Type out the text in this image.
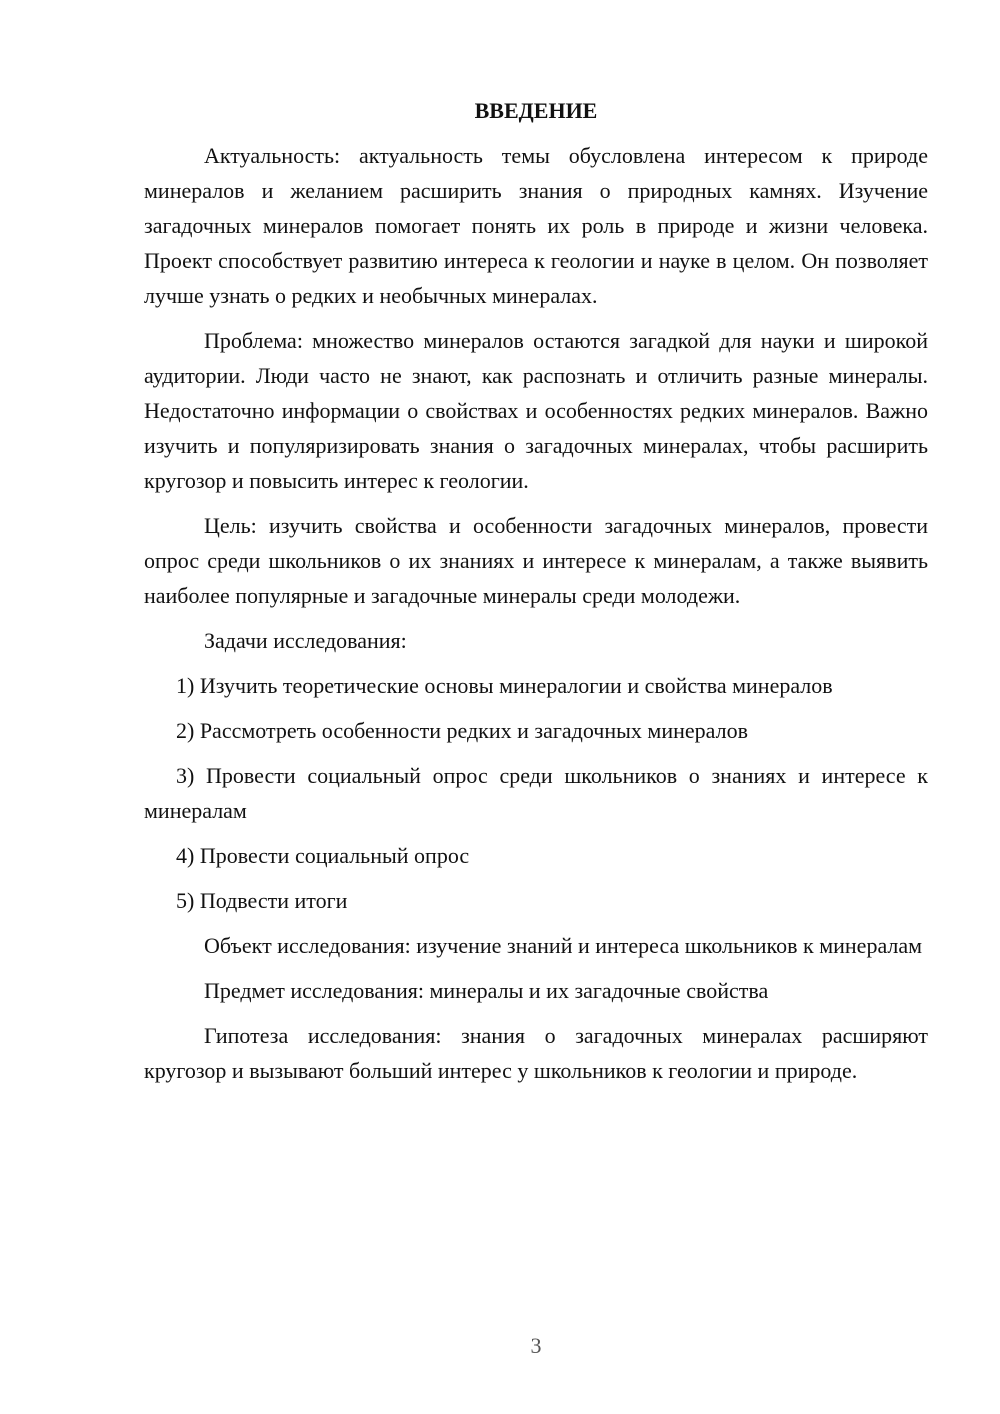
ВВЕДЕНИЕ

Актуальность: актуальность темы обусловлена интересом к природе минералов и желанием расширить знания о природных камнях. Изучение загадочных минералов помогает понять их роль в природе и жизни человека. Проект способствует развитию интереса к геологии и науке в целом. Он позволяет лучше узнать о редких и необычных минералах.

Проблема: множество минералов остаются загадкой для науки и широкой аудитории. Люди часто не знают, как распознать и отличить разные минералы. Недостаточно информации о свойствах и особенностях редких минералов. Важно изучить и популяризировать знания о загадочных минералах, чтобы расширить кругозор и повысить интерес к геологии.

Цель: изучить свойства и особенности загадочных минералов, провести опрос среди школьников о их знаниях и интересе к минералам, а также выявить наиболее популярные и загадочные минералы среди молодежи.

Задачи исследования:

1) Изучить теоретические основы минералогии и свойства минералов

2) Рассмотреть особенности редких и загадочных минералов

3) Провести социальный опрос среди школьников о знаниях и интересе к минералам

4) Провести социальный опрос

5) Подвести итоги

Объект исследования: изучение знаний и интереса школьников к минералам

Предмет исследования: минералы и их загадочные свойства

Гипотеза исследования: знания о загадочных минералах расширяют кругозор и вызывают больший интерес у школьников к геологии и природе.

3
